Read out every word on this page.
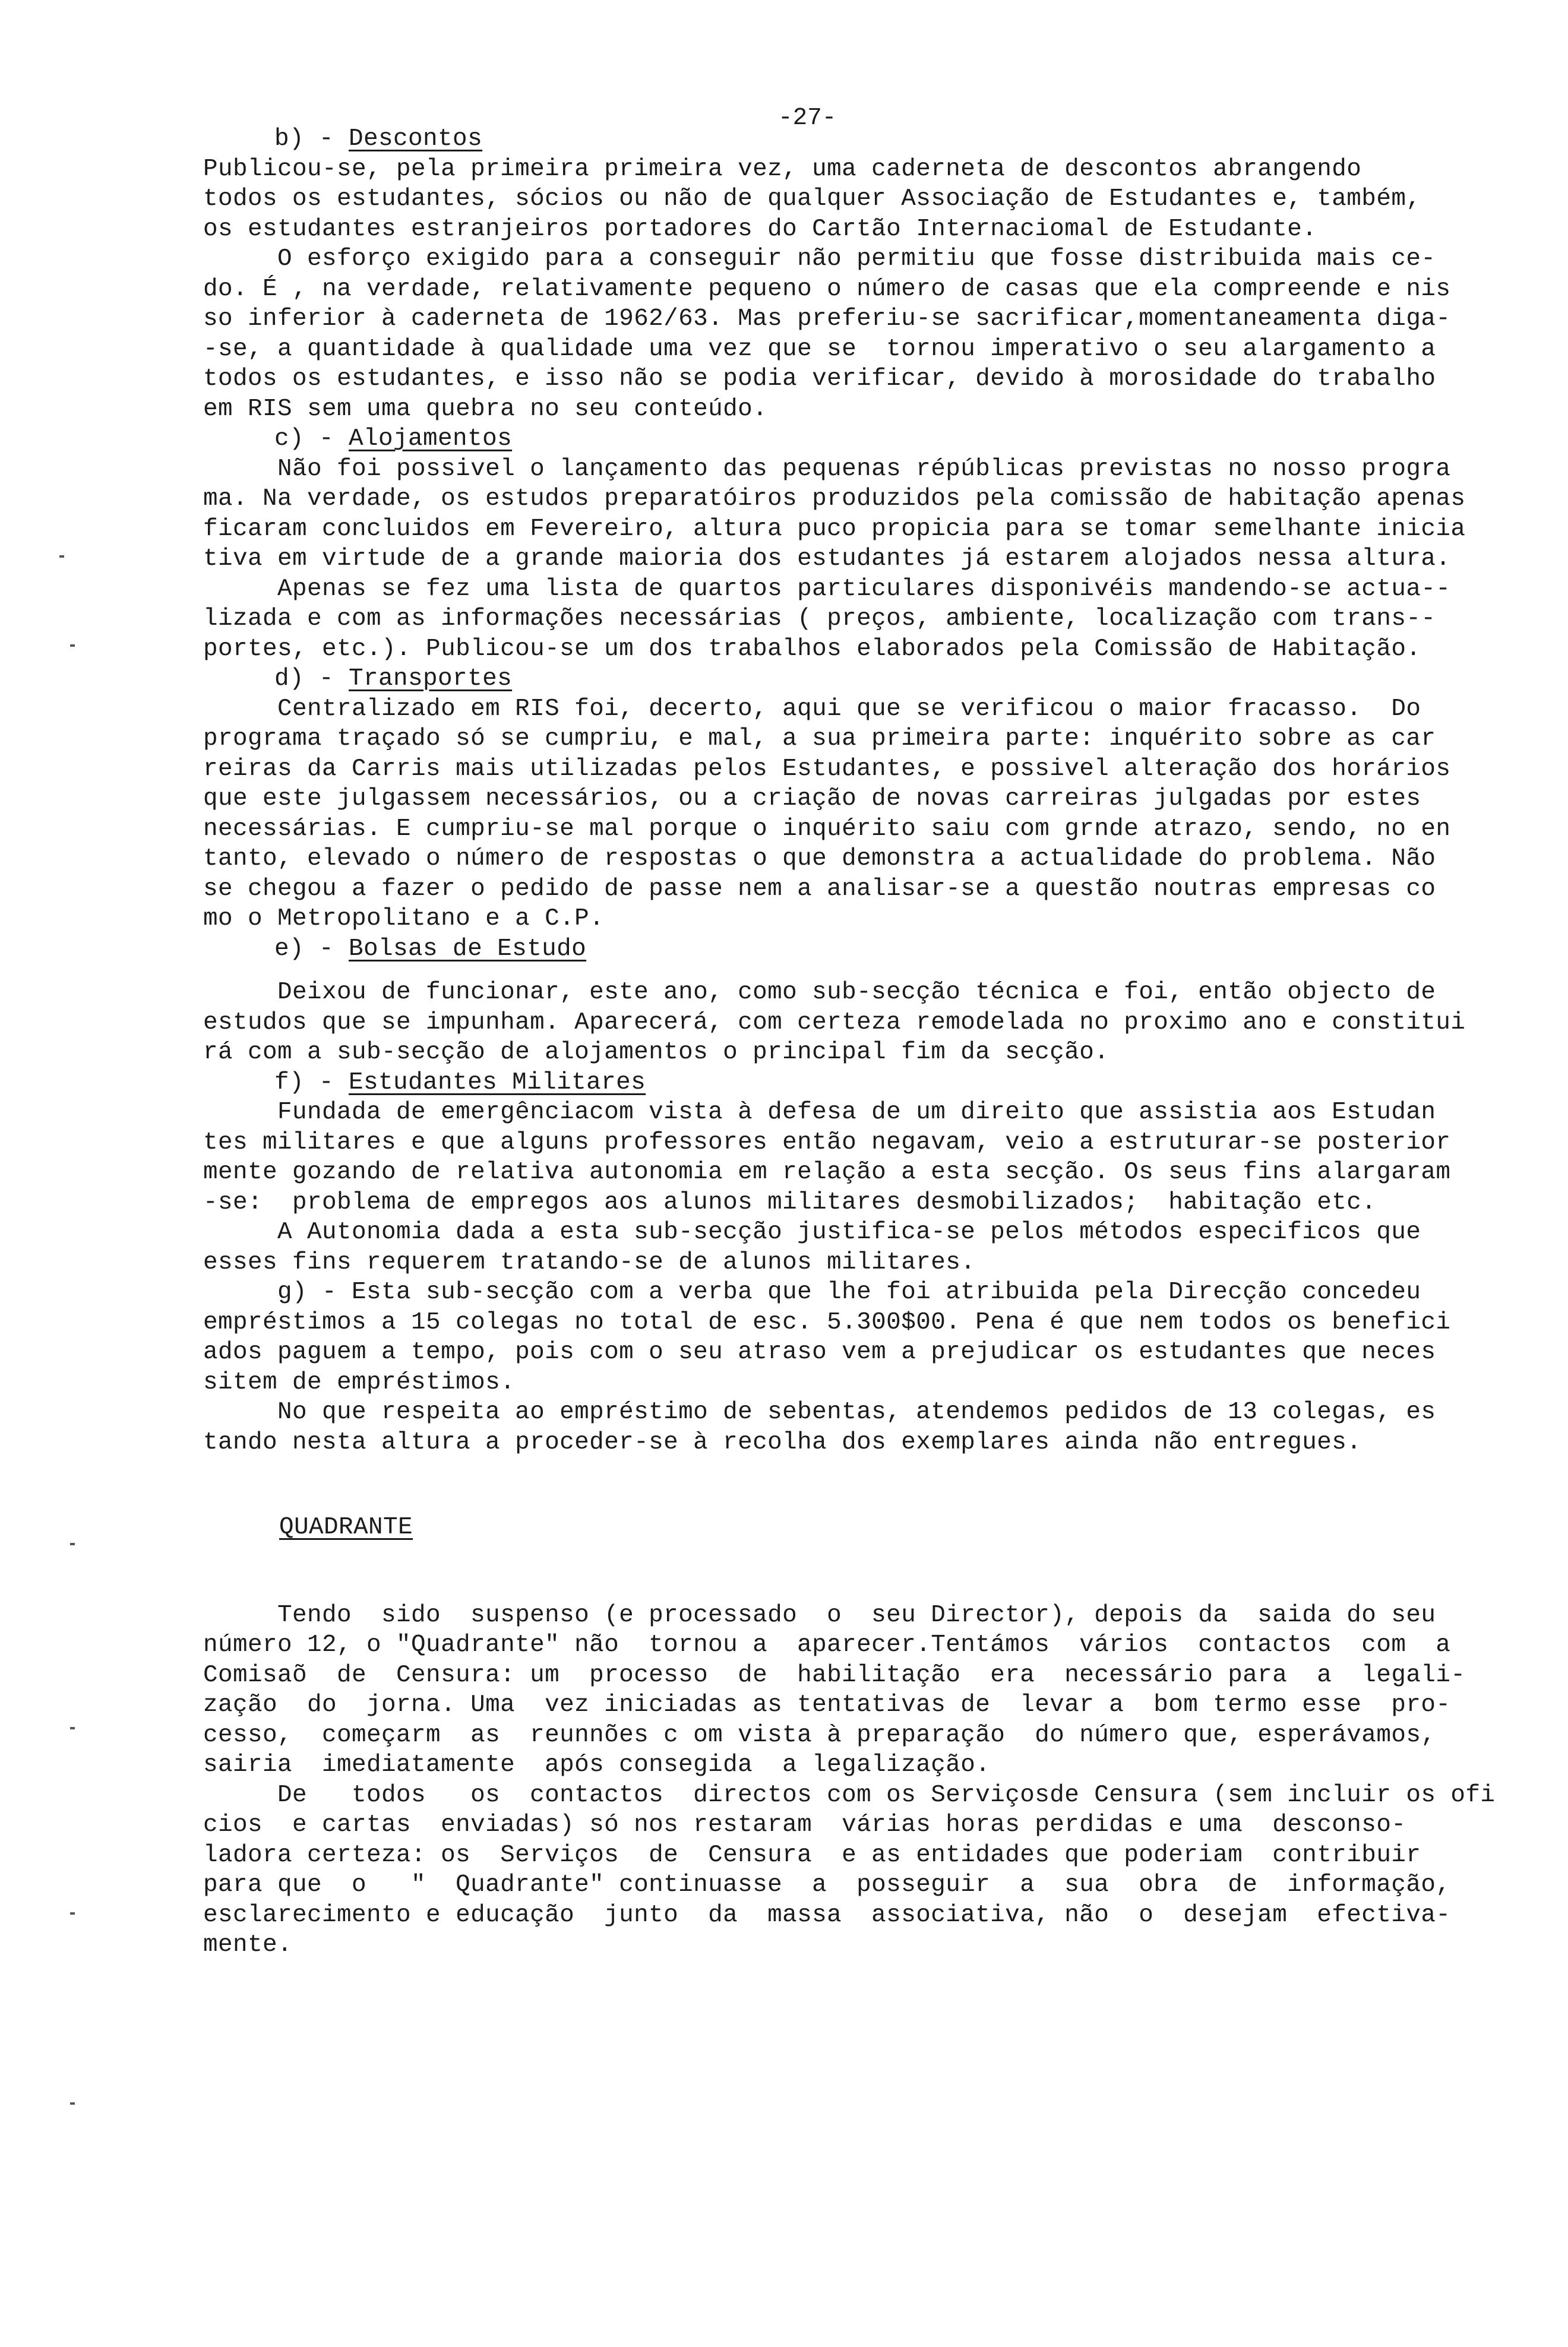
-27-
b) - Descontos
Publicou-se, pela primeira primeira vez, uma caderneta de descontos abrangendo
todos os estudantes, sócios ou não de qualquer Associação de Estudantes e, também,
os estudantes estranjeiros portadores do Cartão Internaciomal de Estudante.
O esforço exigido para a conseguir não permitiu que fosse distribuida mais ce-
do. É , na verdade, relativamente pequeno o número de casas que ela compreende e nis
so inferior à caderneta de 1962/63. Mas preferiu-se sacrificar,momentaneamenta diga-
-se, a quantidade à qualidade uma vez que se  tornou imperativo o seu alargamento a
todos os estudantes, e isso não se podia verificar, devido à morosidade do trabalho
em RIS sem uma quebra no seu conteúdo.
c) - Alojamentos
Não foi possivel o lançamento das pequenas répúblicas previstas no nosso progra
ma. Na verdade, os estudos preparatóiros produzidos pela comissão de habitação apenas
ficaram concluidos em Fevereiro, altura puco propicia para se tomar semelhante inicia
tiva em virtude de a grande maioria dos estudantes já estarem alojados nessa altura.
Apenas se fez uma lista de quartos particulares disponivéis mandendo-se actua--
lizada e com as informações necessárias ( preços, ambiente, localização com trans--
portes, etc.). Publicou-se um dos trabalhos elaborados pela Comissão de Habitação.
d) - Transportes
Centralizado em RIS foi, decerto, aqui que se verificou o maior fracasso.  Do
programa traçado só se cumpriu, e mal, a sua primeira parte: inquérito sobre as car
reiras da Carris mais utilizadas pelos Estudantes, e possivel alteração dos horários
que este julgassem necessários, ou a criação de novas carreiras julgadas por estes
necessárias. E cumpriu-se mal porque o inquérito saiu com grnde atrazo, sendo, no en
tanto, elevado o número de respostas o que demonstra a actualidade do problema. Não
se chegou a fazer o pedido de passe nem a analisar-se a questão noutras empresas co
mo o Metropolitano e a C.P.
e) - Bolsas de Estudo
Deixou de funcionar, este ano, como sub-secção técnica e foi, então objecto de
estudos que se impunham. Aparecerá, com certeza remodelada no proximo ano e constitui
rá com a sub-secção de alojamentos o principal fim da secção.
f) - Estudantes Militares
Fundada de emergênciacom vista à defesa de um direito que assistia aos Estudan
tes militares e que alguns professores então negavam, veio a estruturar-se posterior
mente gozando de relativa autonomia em relação a esta secção. Os seus fins alargaram
-se:  problema de empregos aos alunos militares desmobilizados;  habitação etc.
A Autonomia dada a esta sub-secção justifica-se pelos métodos especificos que
esses fins requerem tratando-se de alunos militares.
g) - Esta sub-secção com a verba que lhe foi atribuida pela Direcção concedeu
empréstimos a 15 colegas no total de esc. 5.300$00. Pena é que nem todos os benefici
ados paguem a tempo, pois com o seu atraso vem a prejudicar os estudantes que neces
sitem de empréstimos.
No que respeita ao empréstimo de sebentas, atendemos pedidos de 13 colegas, es
tando nesta altura a proceder-se à recolha dos exemplares ainda não entregues.
QUADRANTE
Tendo  sido  suspenso (e processado  o  seu Director), depois da  saida do seu
número 12, o "Quadrante" não  tornou a  aparecer.Tentámos  vários  contactos  com  a
Comisaõ  de  Censura: um  processo  de  habilitação  era  necessário para  a  legali-
zação  do  jorna. Uma  vez iniciadas as tentativas de  levar a  bom termo esse  pro-
cesso,  começarm  as  reunnões c om vista à preparação  do número que, esperávamos,
sairia  imediatamente  após consegida  a legalização.
De   todos   os  contactos  directos com os Serviçosde Censura (sem incluir os ofi
cios  e cartas  enviadas) só nos restaram  várias horas perdidas e uma  desconso-
ladora certeza: os  Serviços  de  Censura  e as entidades que poderiam  contribuir
para que  o   "  Quadrante" continuasse  a  posseguir  a  sua  obra  de  informação,
esclarecimento e educação  junto  da  massa  associativa, não  o  desejam  efectiva-
mente.
